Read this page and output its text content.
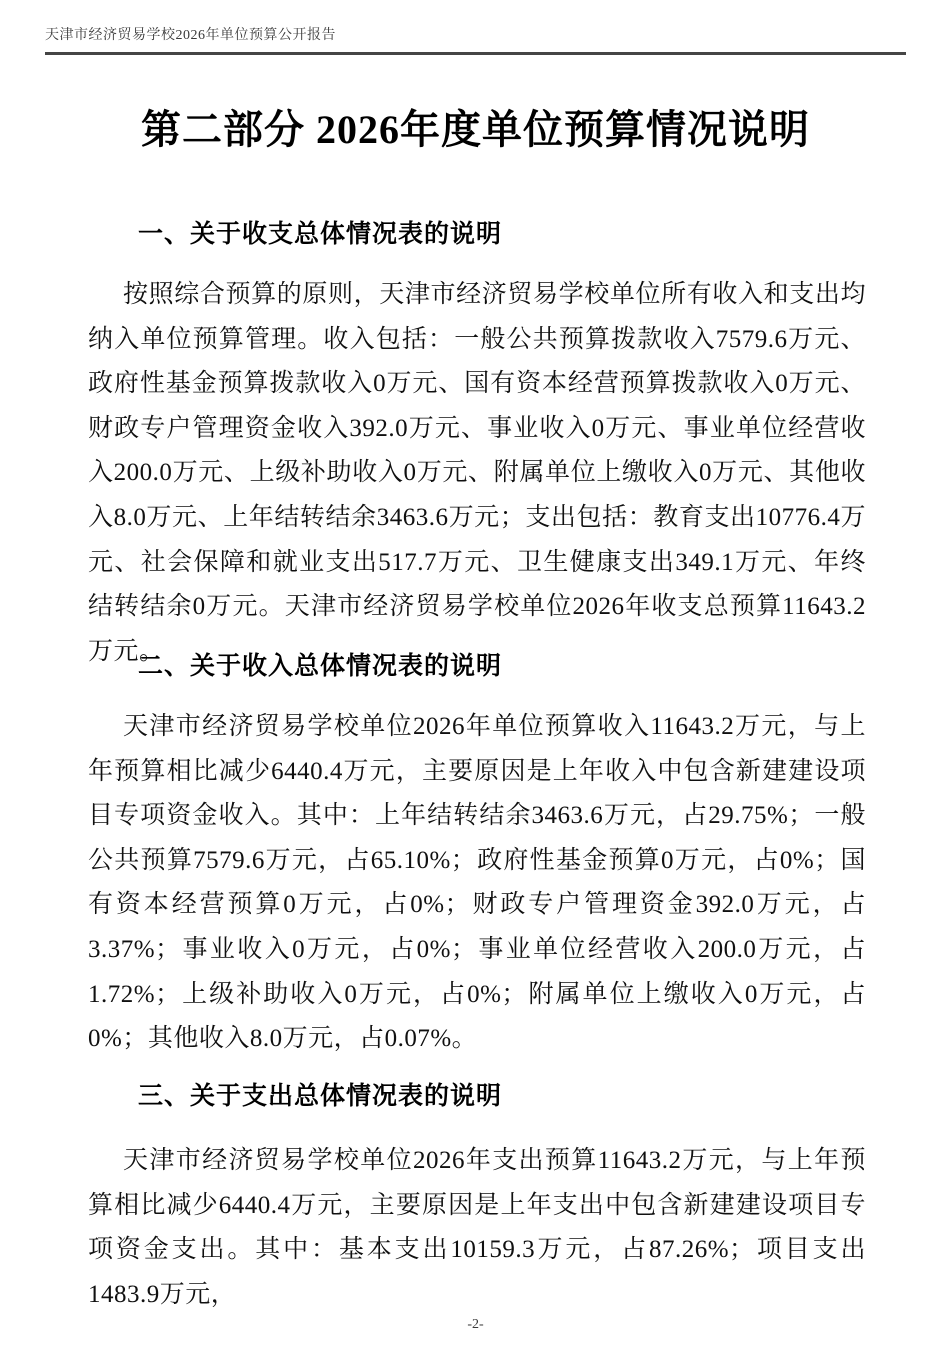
天津市经济贸易学校2026年单位预算公开报告
第二部分 2026年度单位预算情况说明
一、关于收支总体情况表的说明

按照综合预算的原则，天津市经济贸易学校单位所有收入和支出均纳入单位预算管理。收入包括：一般公共预算拨款收入7579.6万元、政府性基金预算拨款收入0万元、国有资本经营预算拨款收入0万元、财政专户管理资金收入392.0万元、事业收入0万元、事业单位经营收入200.0万元、上级补助收入0万元、附属单位上缴收入0万元、其他收入8.0万元、上年结转结余3463.6万元；支出包括：教育支出10776.4万元、社会保障和就业支出517.7万元、卫生健康支出349.1万元、年终结转结余0万元。天津市经济贸易学校单位2026年收支总预算11643.2万元。

二、关于收入总体情况表的说明

天津市经济贸易学校单位2026年单位预算收入11643.2万元，与上年预算相比减少6440.4万元，主要原因是上年收入中包含新建建设项目专项资金收入。其中：上年结转结余3463.6万元，占29.75%；一般公共预算7579.6万元，占65.10%；政府性基金预算0万元，占0%；国有资本经营预算0万元，占0%；财政专户管理资金392.0万元，占3.37%；事业收入0万元，占0%；事业单位经营收入200.0万元，占1.72%；上级补助收入0万元，占0%；附属单位上缴收入0万元，占0%；其他收入8.0万元，占0.07%。

三、关于支出总体情况表的说明

天津市经济贸易学校单位2026年支出预算11643.2万元，与上年预算相比减少6440.4万元，主要原因是上年支出中包含新建建设项目专项资金支出。其中：基本支出10159.3万元，占87.26%；项目支出1483.9万元，

-2-
